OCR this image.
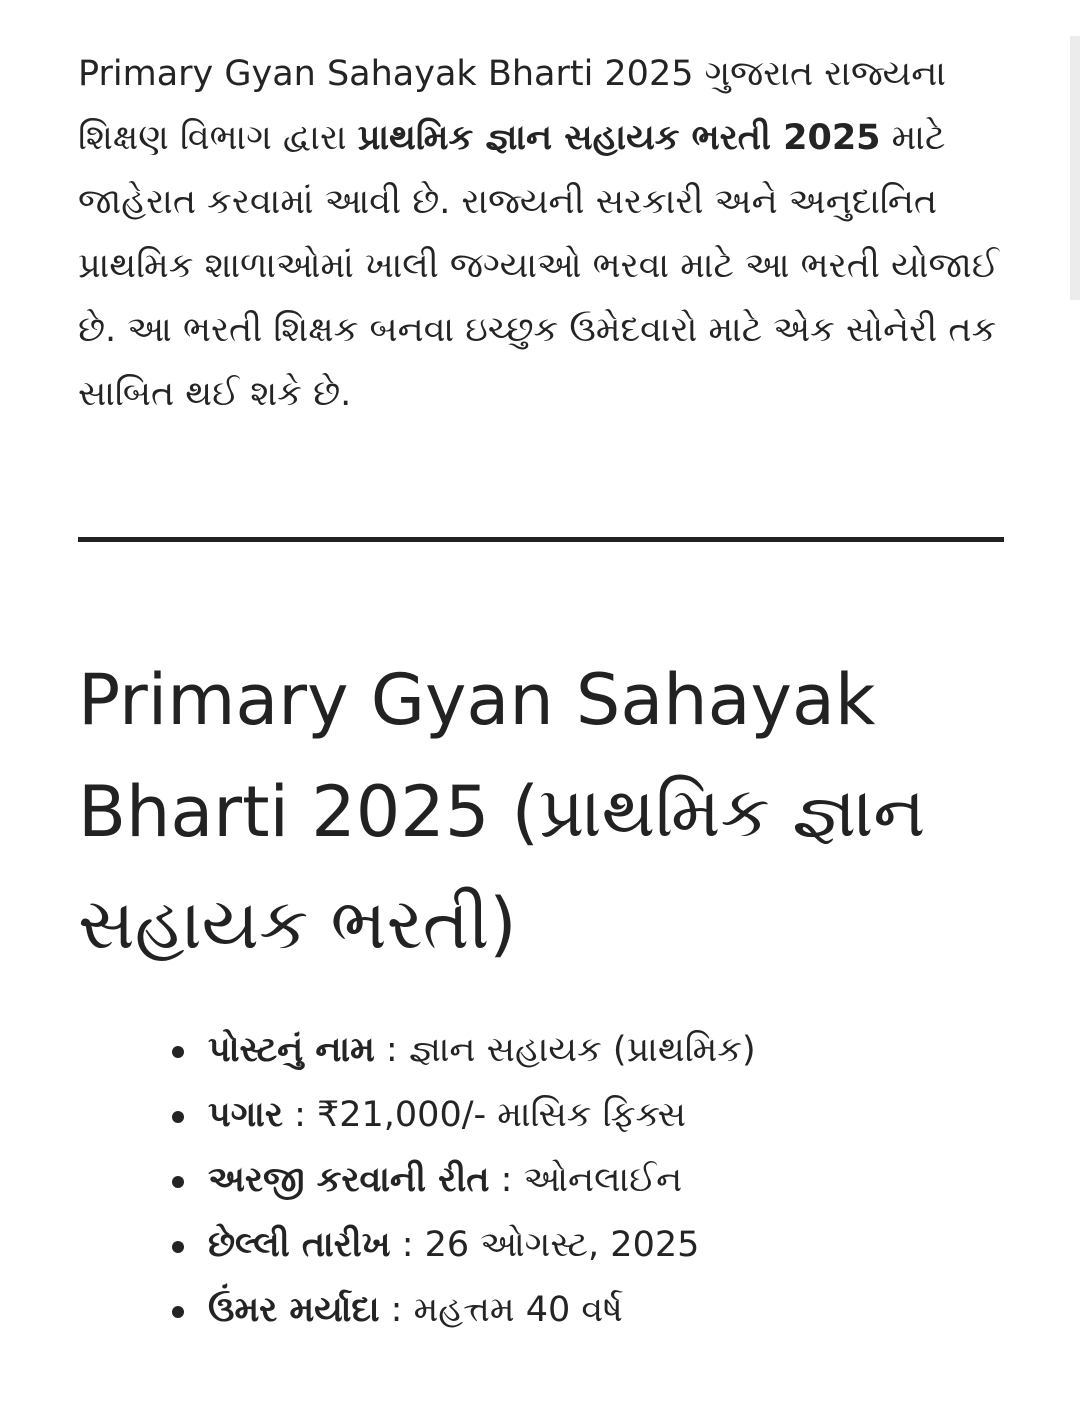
Primary Gyan Sahayak Bharti 2025 ગુજરાત રાજ્યના શિક્ષણ વિભાગ દ્વારા પ્રાથમિક જ્ઞાન સહાયક ભરતી 2025 માટે જાહેરાત કરવામાં આવી છે. રાજ્યની સરકારી અને અનુદાનિત પ્રાથમિક શાળાઓમાં ખાલી જગ્યાઓ ભરવા માટે આ ભરતી યોજાઈ છે. આ ભરતી શિક્ષક બનવા ઇચ્છુક ઉમેદવારો માટે એક સોનેરી તક સાબિત થઈ શકે છે.

Primary Gyan Sahayak Bharti 2025 (પ્રાથમિક જ્ઞાન સહાયક ભરતી)
પોસ્ટનું નામ : જ્ઞાન સહાયક (પ્રાથમિક)
પગાર : ₹21,000/- માસિક ફિક્સ
અરજી કરવાની રીત : ઓનલાઈન
છેલ્લી તારીખ : 26 ઓગસ્ટ, 2025
ઉંમર મર્યાદા : મહત્તમ 40 વર્ષ
